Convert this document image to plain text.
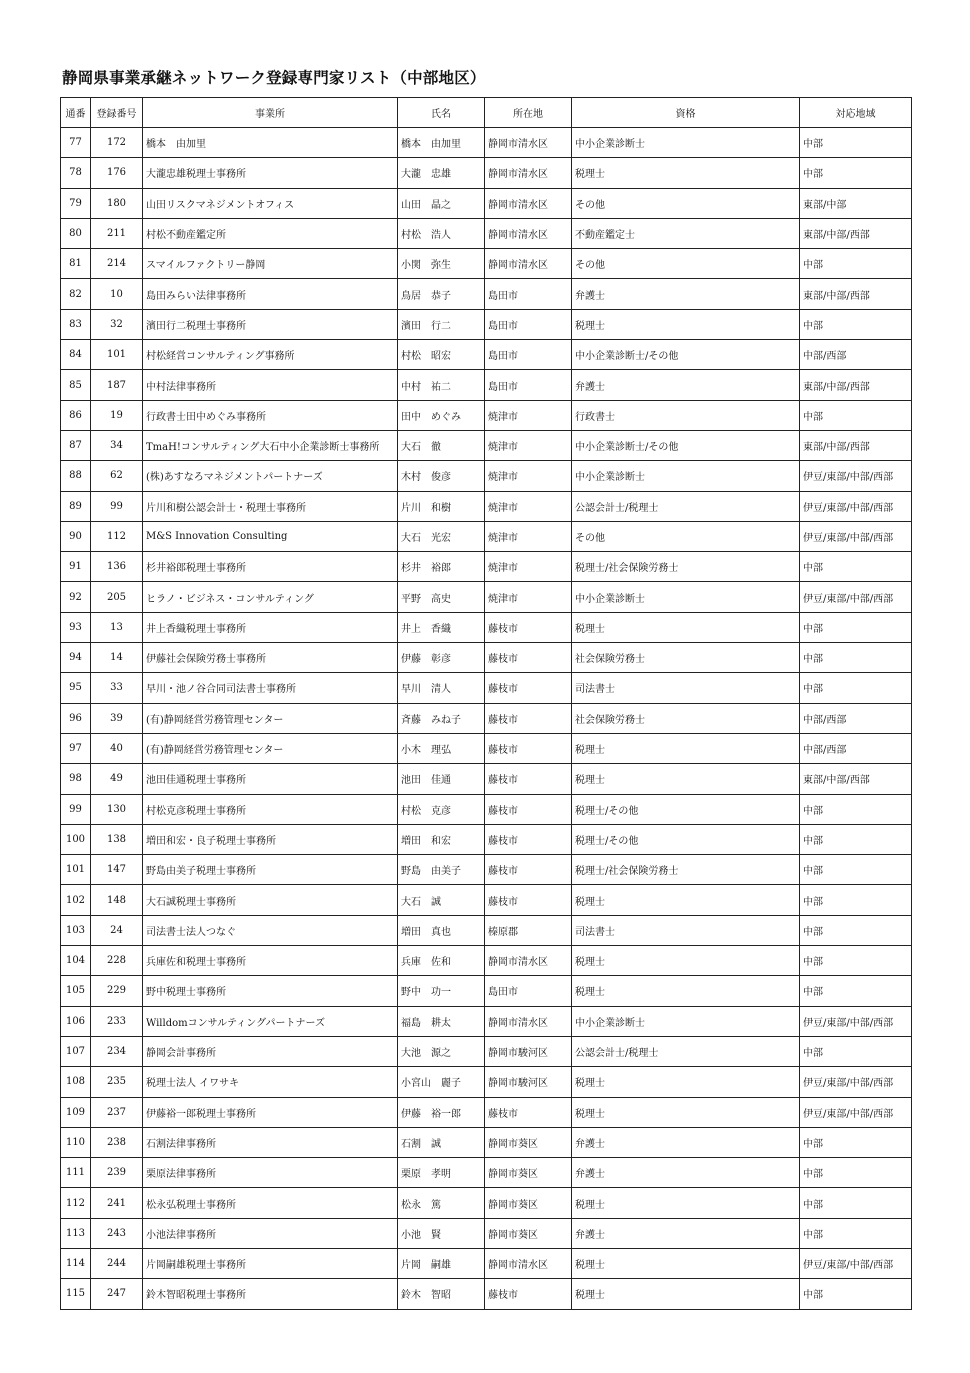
静岡県事業承継ネットワーク登録専門家リスト（中部地区）
通番	登録番号	事業所	氏名	所在地	資格	対応地域
77	172	橋本　由加里	橋本　由加里	静岡市清水区	中小企業診断士	中部
78	176	大瀧忠雄税理士事務所	大瀧　忠雄	静岡市清水区	税理士	中部
79	180	山田リスクマネジメントオフィス	山田　晶之	静岡市清水区	その他	東部/中部
80	211	村松不動産鑑定所	村松　浩人	静岡市清水区	不動産鑑定士	東部/中部/西部
81	214	スマイルファクトリー静岡	小関　弥生	静岡市清水区	その他	中部
82	10	島田みらい法律事務所	鳥居　恭子	島田市	弁護士	東部/中部/西部
83	32	濱田行二税理士事務所	濱田　行二	島田市	税理士	中部
84	101	村松経営コンサルティング事務所	村松　昭宏	島田市	中小企業診断士/その他	中部/西部
85	187	中村法律事務所	中村　祐二	島田市	弁護士	東部/中部/西部
86	19	行政書士田中めぐみ事務所	田中　めぐみ	焼津市	行政書士	中部
87	34	TmaH!コンサルティング大石中小企業診断士事務所	大石　徹	焼津市	中小企業診断士/その他	東部/中部/西部
88	62	(株)あすなろマネジメントパートナーズ	木村　俊彦	焼津市	中小企業診断士	伊豆/東部/中部/西部
89	99	片川和樹公認会計士・税理士事務所	片川　和樹	焼津市	公認会計士/税理士	伊豆/東部/中部/西部
90	112	M&S Innovation Consulting	大石　光宏	焼津市	その他	伊豆/東部/中部/西部
91	136	杉井裕郎税理士事務所	杉井　裕郎	焼津市	税理士/社会保険労務士	中部
92	205	ヒラノ・ビジネス・コンサルティング	平野　高史	焼津市	中小企業診断士	伊豆/東部/中部/西部
93	13	井上香織税理士事務所	井上　香織	藤枝市	税理士	中部
94	14	伊藤社会保険労務士事務所	伊藤　彰彦	藤枝市	社会保険労務士	中部
95	33	早川・池ノ谷合同司法書士事務所	早川　清人	藤枝市	司法書士	中部
96	39	(有)静岡経営労務管理センター	斉藤　みね子	藤枝市	社会保険労務士	中部/西部
97	40	(有)静岡経営労務管理センター	小木　理弘	藤枝市	税理士	中部/西部
98	49	池田佳通税理士事務所	池田　佳通	藤枝市	税理士	東部/中部/西部
99	130	村松克彦税理士事務所	村松　克彦	藤枝市	税理士/その他	中部
100	138	増田和宏・良子税理士事務所	増田　和宏	藤枝市	税理士/その他	中部
101	147	野島由美子税理士事務所	野島　由美子	藤枝市	税理士/社会保険労務士	中部
102	148	大石誠税理士事務所	大石　誠	藤枝市	税理士	中部
103	24	司法書士法人つなぐ	増田　真也	榛原郡	司法書士	中部
104	228	兵庫佐和税理士事務所	兵庫　佐和	静岡市清水区	税理士	中部
105	229	野中税理士事務所	野中　功一	島田市	税理士	中部
106	233	Willdomコンサルティングパートナーズ	福島　耕太	静岡市清水区	中小企業診断士	伊豆/東部/中部/西部
107	234	静岡会計事務所	大池　源之	静岡市駿河区	公認会計士/税理士	中部
108	235	税理士法人 イワサキ	小宮山　麗子	静岡市駿河区	税理士	伊豆/東部/中部/西部
109	237	伊藤裕一郎税理士事務所	伊藤　裕一郎	藤枝市	税理士	伊豆/東部/中部/西部
110	238	石割法律事務所	石割　誠	静岡市葵区	弁護士	中部
111	239	栗原法律事務所	栗原　孝明	静岡市葵区	弁護士	中部
112	241	松永弘税理士事務所	松永　篤	静岡市葵区	税理士	中部
113	243	小池法律事務所	小池　賢	静岡市葵区	弁護士	中部
114	244	片岡嗣雄税理士事務所	片岡　嗣雄	静岡市清水区	税理士	伊豆/東部/中部/西部
115	247	鈴木智昭税理士事務所	鈴木　智昭	藤枝市	税理士	中部
